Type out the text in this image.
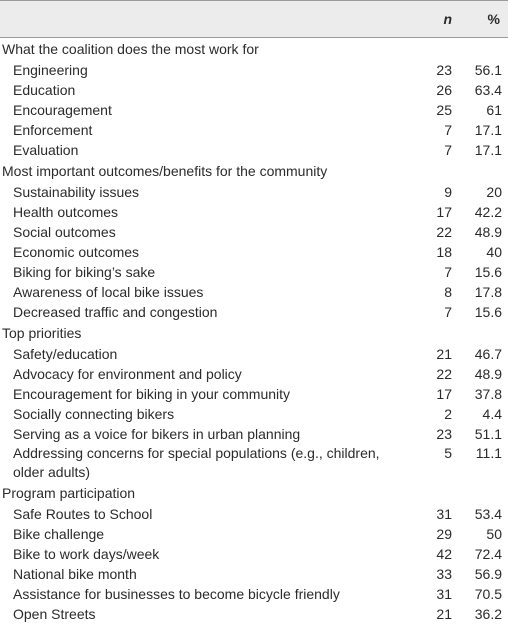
n	%
What the coalition does the most work for
Engineering	23 56.1
Education	26 63.4
Encouragement	25 61
Enforcement	7 17.1
Evaluation	7 17.1
Most important outcomes/benefits for the community
Sustainability issues	9 20
Health outcomes	17 42.2
Social outcomes	22 48.9
Economic outcomes	18 40
Biking for biking’s sake	7 15.6
Awareness of local bike issues	8 17.8
Decreased traffic and congestion	7 15.6
Top priorities
Safety/education	21 46.7
Advocacy for environment and policy	22 48.9
Encouragement for biking in your community	17 37.8
Socially connecting bikers	2 4.4
Serving as a voice for bikers in urban planning	23 51.1
Addressing concerns for special populations (e.g., children, older adults)
5 11.1
Program participation
Safe Routes to School	31 53.4
Bike challenge	29 50
Bike to work days/week	42 72.4
National bike month	33 56.9
Assistance for businesses to become bicycle friendly	31 70.5
Open Streets	21 36.2
